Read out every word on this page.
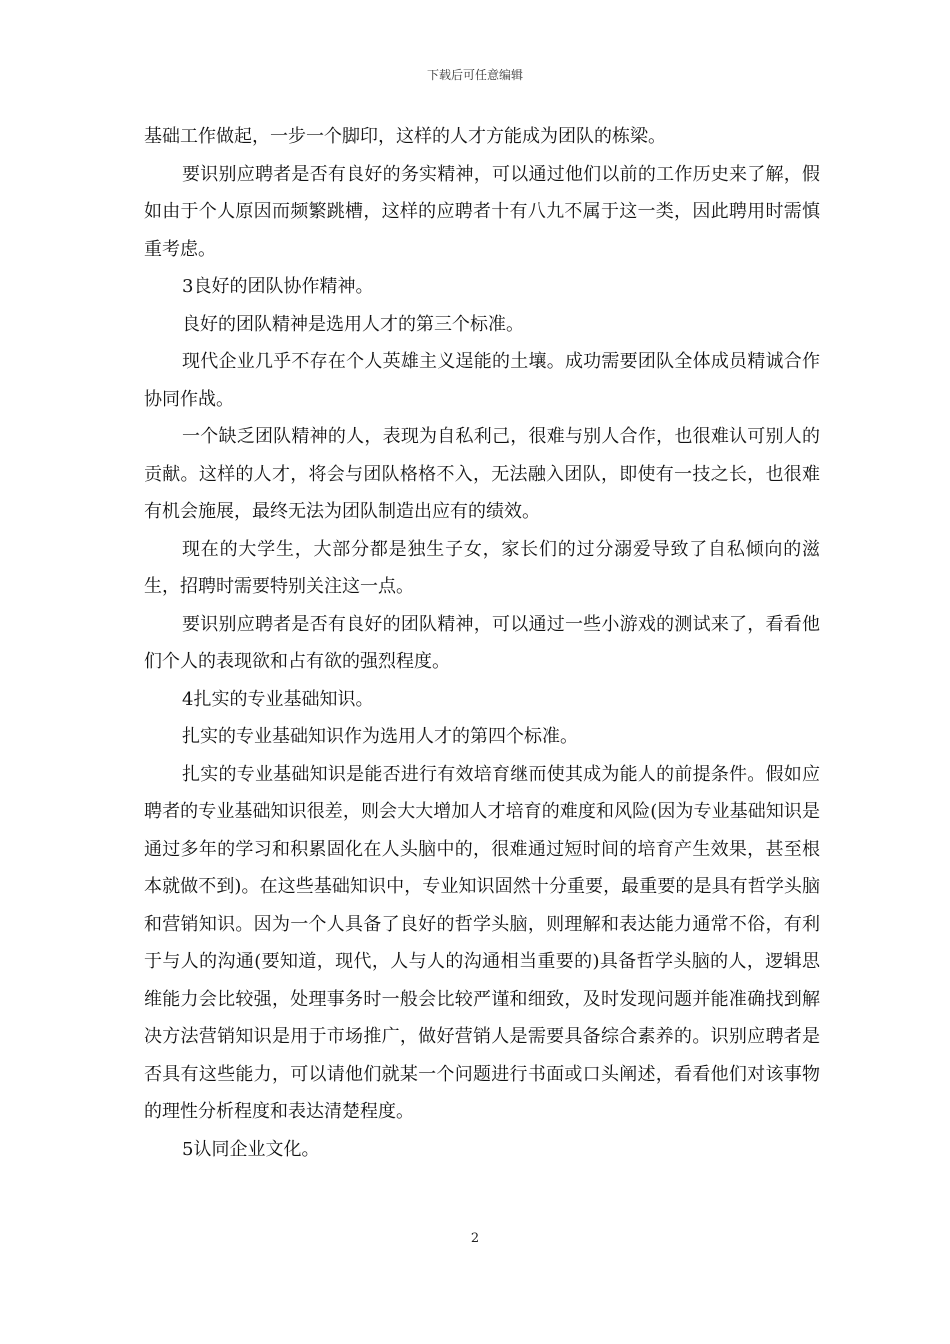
下载后可任意编辑

基础工作做起，一步一个脚印，这样的人才方能成为团队的栋梁。

要识别应聘者是否有良好的务实精神，可以通过他们以前的工作历史来了解，假如由于个人原因而频繁跳槽，这样的应聘者十有八九不属于这一类，因此聘用时需慎重考虑。

3良好的团队协作精神。

良好的团队精神是选用人才的第三个标准。

现代企业几乎不存在个人英雄主义逞能的土壤。成功需要团队全体成员精诚合作协同作战。

一个缺乏团队精神的人，表现为自私利己，很难与别人合作，也很难认可别人的贡献。这样的人才，将会与团队格格不入，无法融入团队，即使有一技之长，也很难有机会施展，最终无法为团队制造出应有的绩效。

现在的大学生，大部分都是独生子女，家长们的过分溺爱导致了自私倾向的滋生，招聘时需要特别关注这一点。

要识别应聘者是否有良好的团队精神，可以通过一些小游戏的测试来了，看看他们个人的表现欲和占有欲的强烈程度。

4扎实的专业基础知识。

扎实的专业基础知识作为选用人才的第四个标准。

扎实的专业基础知识是能否进行有效培育继而使其成为能人的前提条件。假如应聘者的专业基础知识很差，则会大大增加人才培育的难度和风险(因为专业基础知识是通过多年的学习和积累固化在人头脑中的，很难通过短时间的培育产生效果，甚至根本就做不到)。在这些基础知识中，专业知识固然十分重要，最重要的是具有哲学头脑和营销知识。因为一个人具备了良好的哲学头脑，则理解和表达能力通常不俗，有利于与人的沟通(要知道，现代，人与人的沟通相当重要的)具备哲学头脑的人，逻辑思维能力会比较强，处理事务时一般会比较严谨和细致，及时发现问题并能准确找到解决方法营销知识是用于市场推广，做好营销人是需要具备综合素养的。识别应聘者是否具有这些能力，可以请他们就某一个问题进行书面或口头阐述，看看他们对该事物的理性分析程度和表达清楚程度。

5认同企业文化。

2
